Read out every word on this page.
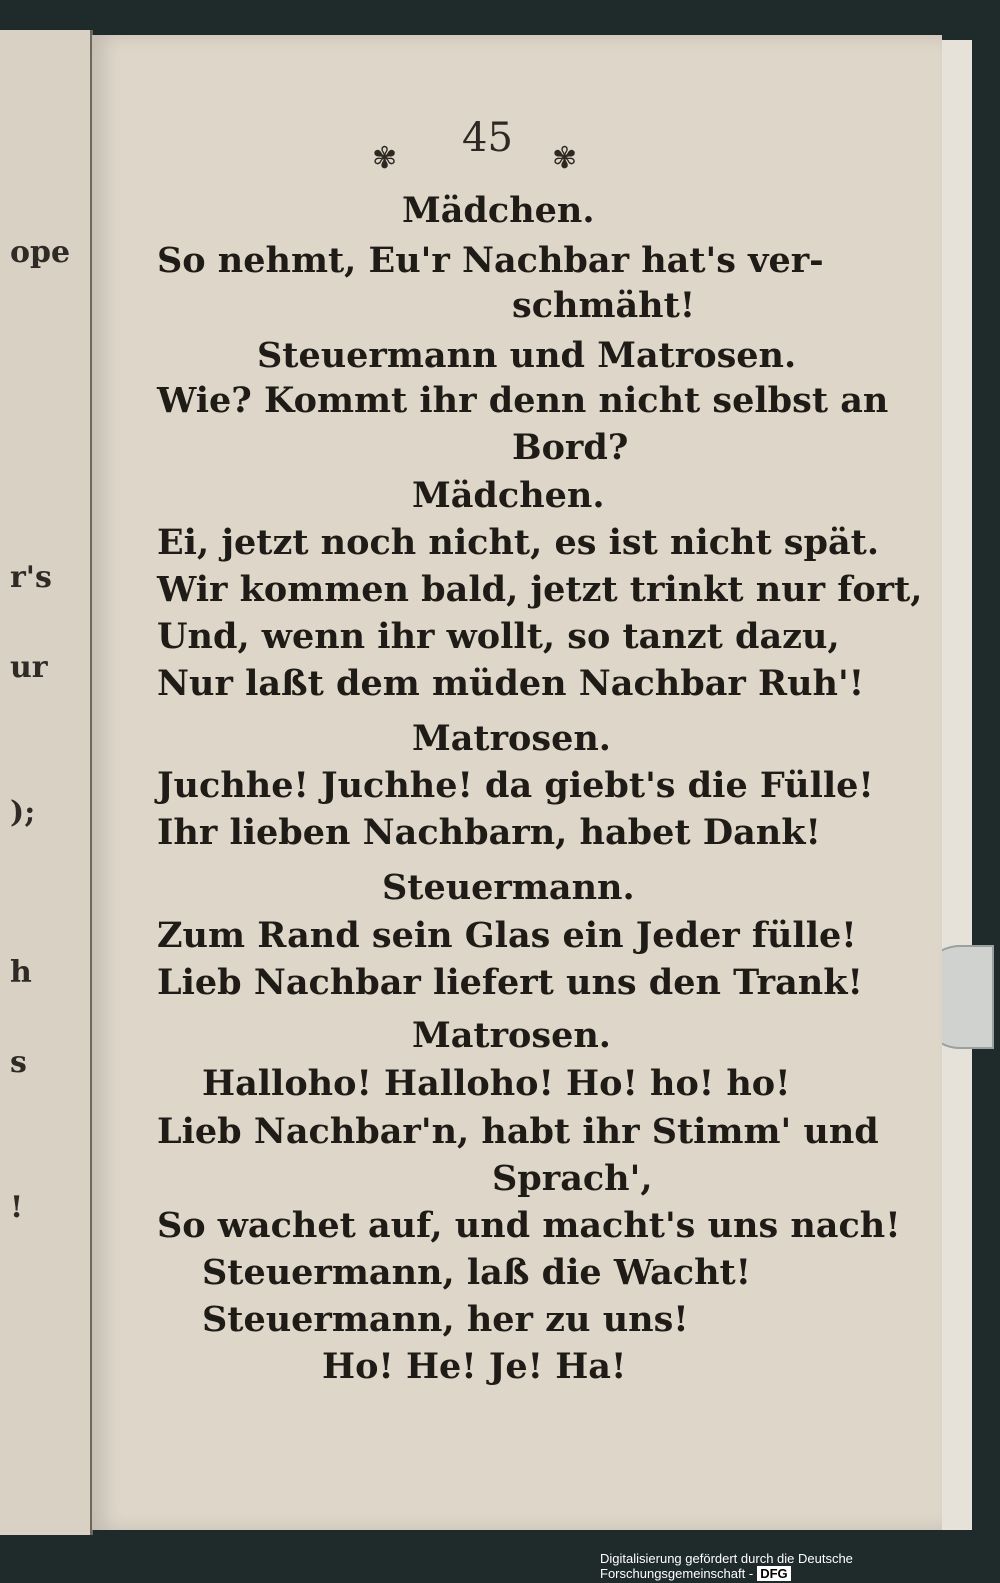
ope
r's
ur
);
h
s
!
✾ 45 ✾
Mädchen.
So nehmt, Eu'r Nachbar hat's ver-
schmäht!
Steuermann und Matrosen.
Wie? Kommt ihr denn nicht selbst an
Bord?
Mädchen.
Ei, jetzt noch nicht, es ist nicht spät.
Wir kommen bald, jetzt trinkt nur fort,
Und, wenn ihr wollt, so tanzt dazu,
Nur laßt dem müden Nachbar Ruh'!
Matrosen.
Juchhe! Juchhe! da giebt's die Fülle!
Ihr lieben Nachbarn, habet Dank!
Steuermann.
Zum Rand sein Glas ein Jeder fülle!
Lieb Nachbar liefert uns den Trank!
Matrosen.
Halloho! Halloho! Ho! ho! ho!
Lieb Nachbar'n, habt ihr Stimm' und
Sprach',
So wachet auf, und macht's uns nach!
Steuermann, laß die Wacht!
Steuermann, her zu uns!
Ho! He! Je! Ha!
Digitalisierung gefördert durch die Deutsche Forschungsgemeinschaft - DFG
